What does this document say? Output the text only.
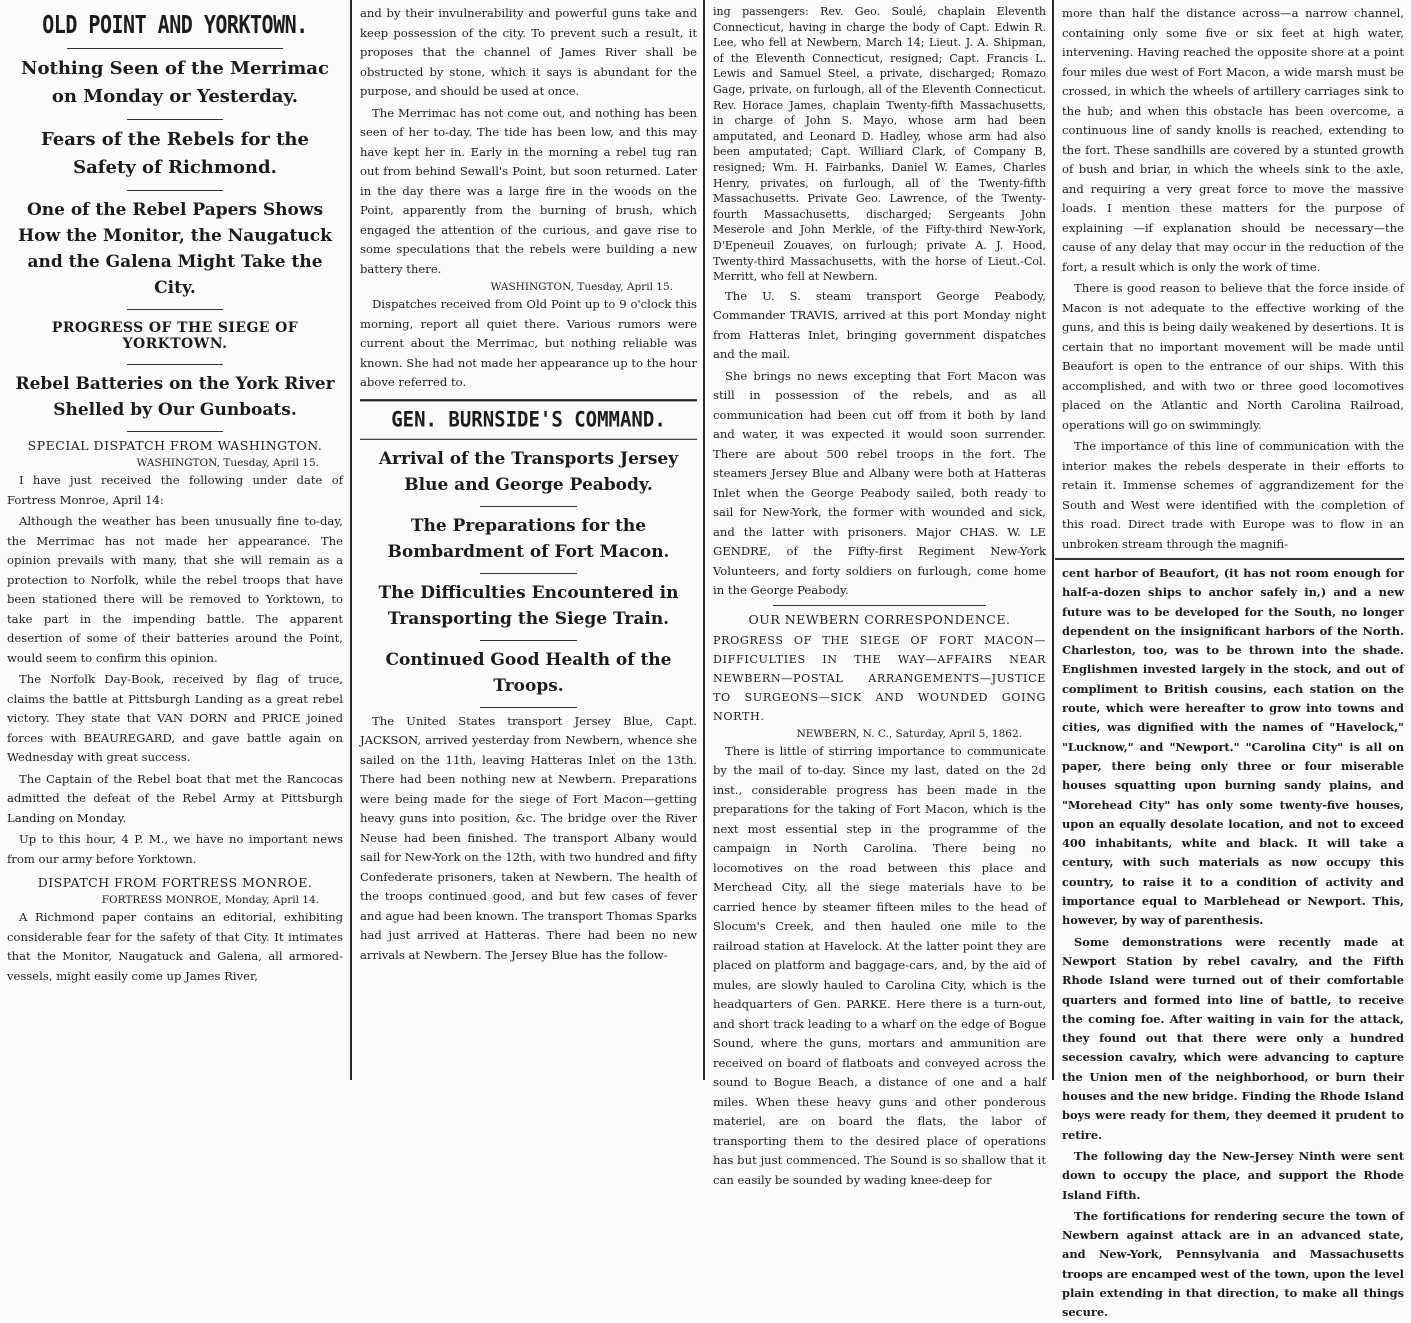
OLD POINT AND YORKTOWN.
Nothing Seen of the Merrimac on Monday or Yesterday.
Fears of the Rebels for the Safety of Richmond.
One of the Rebel Papers Shows How the Monitor, the Naugatuck and the Galena Might Take the City.
PROGRESS OF THE SIEGE OF YORKTOWN.
Rebel Batteries on the York River Shelled by Our Gunboats.
SPECIAL DISPATCH FROM WASHINGTON.
WASHINGTON, Tuesday, April 15.

I have just received the following under date of Fortress Monroe, April 14:

Although the weather has been unusually fine to-day, the Merrimac has not made her appearance. The opinion prevails with many, that she will remain as a protection to Norfolk, while the rebel troops that have been stationed there will be removed to Yorktown, to take part in the impending battle. The apparent desertion of some of their batteries around the Point, would seem to confirm this opinion.

The Norfolk Day-Book, received by flag of truce, claims the battle at Pittsburgh Landing as a great rebel victory. They state that VAN DORN and PRICE joined forces with BEAUREGARD, and gave battle again on Wednesday with great success.

The Captain of the Rebel boat that met the Rancocas admitted the defeat of the Rebel Army at Pittsburgh Landing on Monday.

Up to this hour, 4 P. M., we have no important news from our army before Yorktown.

DISPATCH FROM FORTRESS MONROE.
FORTRESS MONROE, Monday, April 14.

A Richmond paper contains an editorial, exhibiting considerable fear for the safety of that City. It intimates that the Monitor, Naugatuck and Galena, all armored-vessels, might easily come up James River,

and by their invulnerability and powerful guns take and keep possession of the city. To prevent such a result, it proposes that the channel of James River shall be obstructed by stone, which it says is abundant for the purpose, and should be used at once.

The Merrimac has not come out, and nothing has been seen of her to-day. The tide has been low, and this may have kept her in. Early in the morning a rebel tug ran out from behind Sewall's Point, but soon returned. Later in the day there was a large fire in the woods on the Point, apparently from the burning of brush, which engaged the attention of the curious, and gave rise to some speculations that the rebels were building a new battery there.

WASHINGTON, Tuesday, April 15.

Dispatches received from Old Point up to 9 o'clock this morning, report all quiet there. Various rumors were current about the Merrimac, but nothing reliable was known. She had not made her appearance up to the hour above referred to.

GEN. BURNSIDE'S COMMAND.
Arrival of the Transports Jersey Blue and George Peabody.
The Preparations for the Bombardment of Fort Macon.
The Difficulties Encountered in Transporting the Siege Train.
Continued Good Health of the Troops.

The United States transport Jersey Blue, Capt. JACKSON, arrived yesterday from Newbern, whence she sailed on the 11th, leaving Hatteras Inlet on the 13th. There had been nothing new at Newbern. Preparations were being made for the siege of Fort Macon—getting heavy guns into position, &c. The bridge over the River Neuse had been finished. The transport Albany would sail for New-York on the 12th, with two hundred and fifty Confederate prisoners, taken at Newbern. The health of the troops continued good, and but few cases of fever and ague had been known. The transport Thomas Sparks had just arrived at Hatteras. There had been no new arrivals at Newbern. The Jersey Blue has the follow-

ing passengers: Rev. Geo. Soulé, chaplain Eleventh Connecticut, having in charge the body of Capt. Edwin R. Lee, who fell at Newbern, March 14; Lieut. J. A. Shipman, of the Eleventh Connecticut, resigned; Capt. Francis L. Lewis and Samuel Steel, a private, discharged; Romazo Gage, private, on furlough, all of the Eleventh Connecticut. Rev. Horace James, chaplain Twenty-fifth Massachusetts, in charge of John S. Mayo, whose arm had been amputated, and Leonard D. Hadley, whose arm had also been amputated; Capt. Williard Clark, of Company B, resigned; Wm. H. Fairbanks, Daniel W. Eames, Charles Henry, privates, on furlough, all of the Twenty-fifth Massachusetts. Private Geo. Lawrence, of the Twenty-fourth Massachusetts, discharged; Sergeants John Meserole and John Merkle, of the Fifty-third New-York, D'Epeneuil Zouaves, on furlough; private A. J. Hood, Twenty-third Massachusetts, with the horse of Lieut.-Col. Merritt, who fell at Newbern.

The U. S. steam transport George Peabody, Commander TRAVIS, arrived at this port Monday night from Hatteras Inlet, bringing government dispatches and the mail.

She brings no news excepting that Fort Macon was still in possession of the rebels, and as all communication had been cut off from it both by land and water, it was expected it would soon surrender. There are about 500 rebel troops in the fort. The steamers Jersey Blue and Albany were both at Hatteras Inlet when the George Peabody sailed, both ready to sail for New-York, the former with wounded and sick, and the latter with prisoners. Major CHAS. W. LE GENDRE, of the Fifty-first Regiment New-York Volunteers, and forty soldiers on furlough, come home in the George Peabody.

OUR NEWBERN CORRESPONDENCE.

PROGRESS OF THE SIEGE OF FORT MACON—DIFFICULTIES IN THE WAY—AFFAIRS NEAR NEWBERN—POSTAL ARRANGEMENTS—JUSTICE TO SURGEONS—SICK AND WOUNDED GOING NORTH.

NEWBERN, N. C., Saturday, April 5, 1862.

There is little of stirring importance to communicate by the mail of to-day. Since my last, dated on the 2d inst., considerable progress has been made in the preparations for the taking of Fort Macon, which is the next most essential step in the programme of the campaign in North Carolina. There being no locomotives on the road between this place and Merchead City, all the siege materials have to be carried hence by steamer fifteen miles to the head of Slocum's Creek, and then hauled one mile to the railroad station at Havelock. At the latter point they are placed on platform and baggage-cars, and, by the aid of mules, are slowly hauled to Carolina City, which is the headquarters of Gen. PARKE. Here there is a turn-out, and short track leading to a wharf on the edge of Bogue Sound, where the guns, mortars and ammunition are received on board of flatboats and conveyed across the sound to Bogue Beach, a distance of one and a half miles. When these heavy guns and other ponderous materiel, are on board the flats, the labor of transporting them to the desired place of operations has but just commenced. The Sound is so shallow that it can easily be sounded by wading knee-deep for

more than half the distance across—a narrow channel, containing only some five or six feet at high water, intervening. Having reached the opposite shore at a point four miles due west of Fort Macon, a wide marsh must be crossed, in which the wheels of artillery carriages sink to the hub; and when this obstacle has been overcome, a continuous line of sandy knolls is reached, extending to the fort. These sandhills are covered by a stunted growth of bush and briar, in which the wheels sink to the axle, and requiring a very great force to move the massive loads. I mention these matters for the purpose of explaining —if explanation should be necessary—the cause of any delay that may occur in the reduction of the fort, a result which is only the work of time.

There is good reason to believe that the force inside of Macon is not adequate to the effective working of the guns, and this is being daily weakened by desertions. It is certain that no important movement will be made until Beaufort is open to the entrance of our ships. With this accomplished, and with two or three good locomotives placed on the Atlantic and North Carolina Railroad, operations will go on swimmingly.

The importance of this line of communication with the interior makes the rebels desperate in their efforts to retain it. Immense schemes of aggrandizement for the South and West were identified with the completion of this road. Direct trade with Europe was to flow in an unbroken stream through the magnifi-

cent harbor of Beaufort, (it has not room enough for half-a-dozen ships to anchor safely in,) and a new future was to be developed for the South, no longer dependent on the insignificant harbors of the North. Charleston, too, was to be thrown into the shade. Englishmen invested largely in the stock, and out of compliment to British cousins, each station on the route, which were hereafter to grow into towns and cities, was dignified with the names of "Havelock," "Lucknow," and "Newport." "Carolina City" is all on paper, there being only three or four miserable houses squatting upon burning sandy plains, and "Morehead City" has only some twenty-five houses, upon an equally desolate location, and not to exceed 400 inhabitants, white and black. It will take a century, with such materials as now occupy this country, to raise it to a condition of activity and importance equal to Marblehead or Newport. This, however, by way of parenthesis.

Some demonstrations were recently made at Newport Station by rebel cavalry, and the Fifth Rhode Island were turned out of their comfortable quarters and formed into line of battle, to receive the coming foe. After waiting in vain for the attack, they found out that there were only a hundred secession cavalry, which were advancing to capture the Union men of the neighborhood, or burn their houses and the new bridge. Finding the Rhode Island boys were ready for them, they deemed it prudent to retire.

The following day the New-Jersey Ninth were sent down to occupy the place, and support the Rhode Island Fifth.

The fortifications for rendering secure the town of Newbern against attack are in an advanced state, and New-York, Pennsylvania and Massachusetts troops are encamped west of the town, upon the level plain extending in that direction, to make all things secure.
